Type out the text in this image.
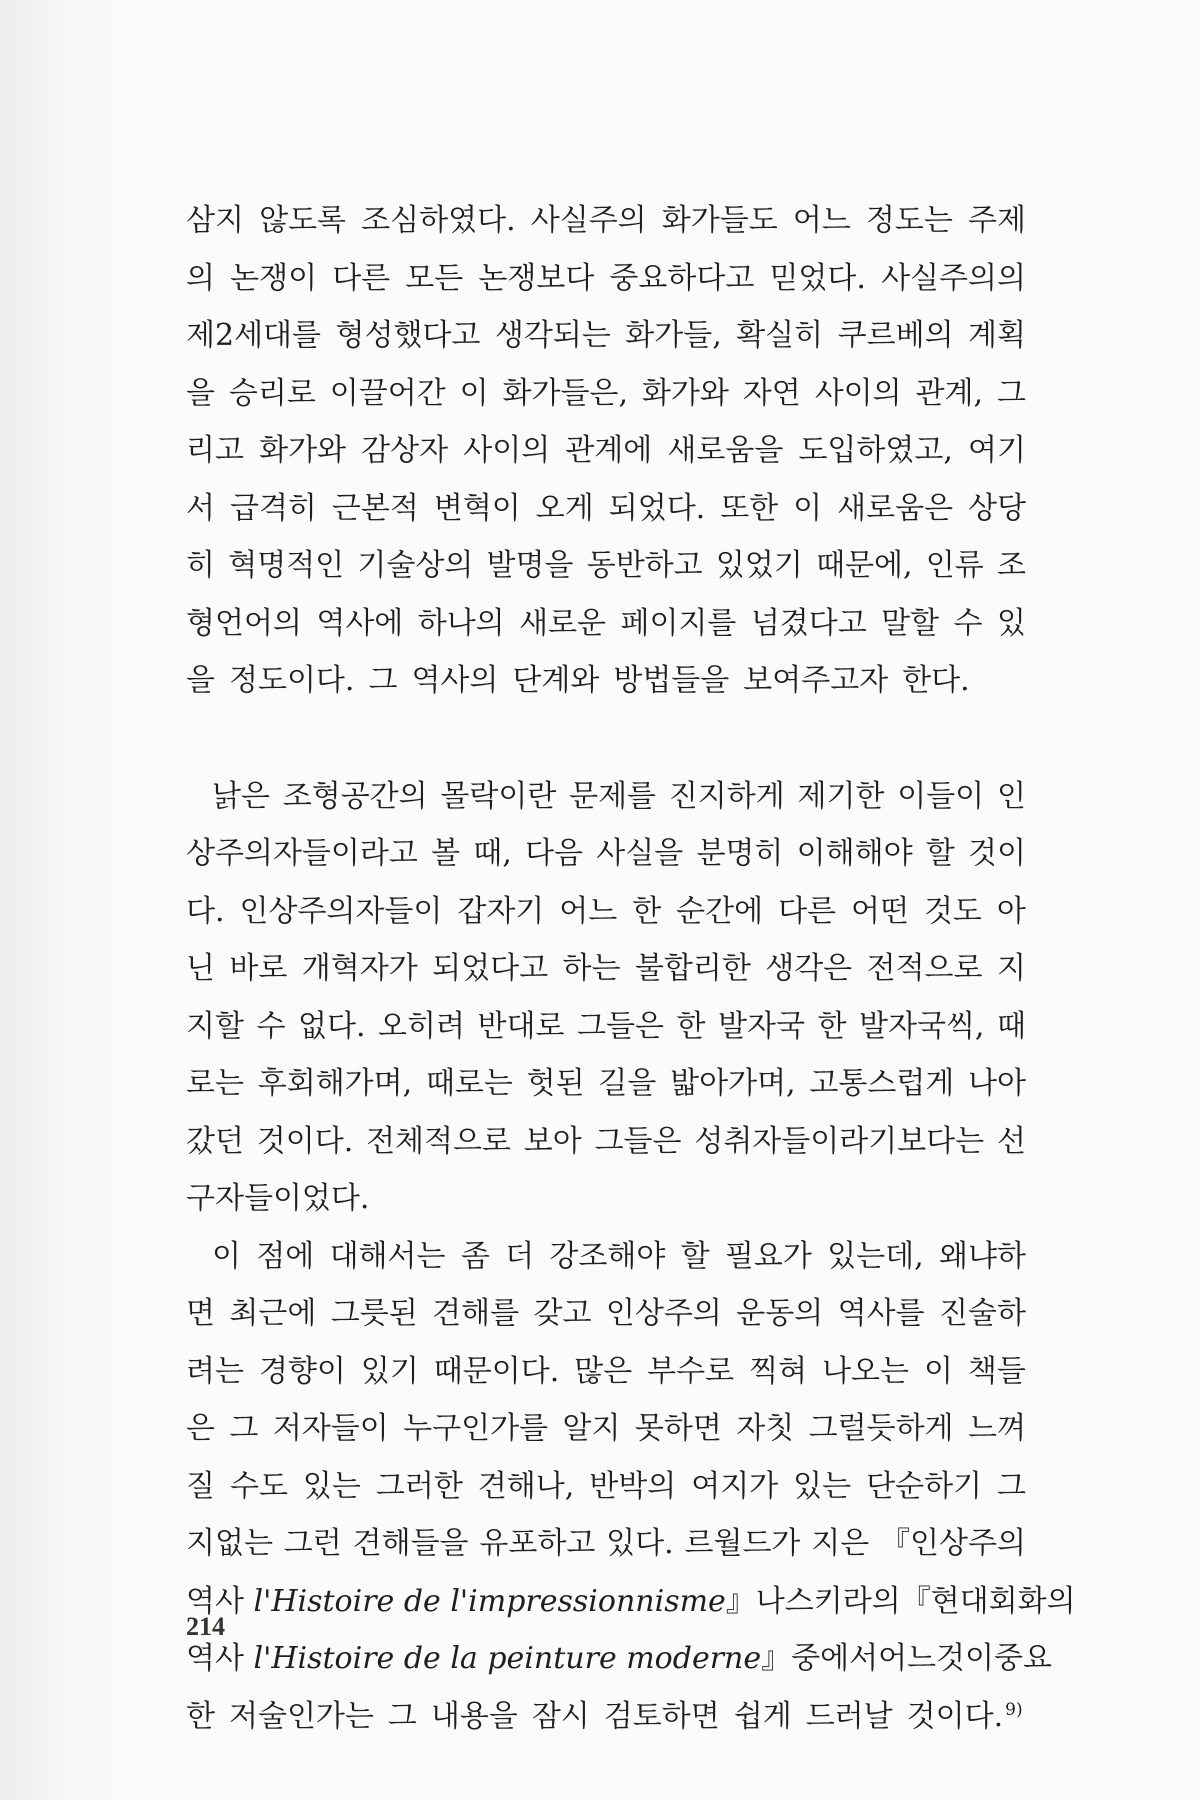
삼지 않도록 조심하였다. 사실주의 화가들도 어느 정도는 주제
의 논쟁이 다른 모든 논쟁보다 중요하다고 믿었다. 사실주의의
제2세대를 형성했다고 생각되는 화가들, 확실히 쿠르베의 계획
을 승리로 이끌어간 이 화가들은, 화가와 자연 사이의 관계, 그
리고 화가와 감상자 사이의 관계에 새로움을 도입하였고, 여기
서 급격히 근본적 변혁이 오게 되었다. 또한 이 새로움은 상당
히 혁명적인 기술상의 발명을 동반하고 있었기 때문에, 인류 조
형언어의 역사에 하나의 새로운 페이지를 넘겼다고 말할 수 있
을 정도이다. 그 역사의 단계와 방법들을 보여주고자 한다.
낡은 조형공간의 몰락이란 문제를 진지하게 제기한 이들이 인
상주의자들이라고 볼 때, 다음 사실을 분명히 이해해야 할 것이
다. 인상주의자들이 갑자기 어느 한 순간에 다른 어떤 것도 아
닌 바로 개혁자가 되었다고 하는 불합리한 생각은 전적으로 지
지할 수 없다. 오히려 반대로 그들은 한 발자국 한 발자국씩, 때
로는 후회해가며, 때로는 헛된 길을 밟아가며, 고통스럽게 나아
갔던 것이다. 전체적으로 보아 그들은 성취자들이라기보다는 선
구자들이었다.
이 점에 대해서는 좀 더 강조해야 할 필요가 있는데, 왜냐하
면 최근에 그릇된 견해를 갖고 인상주의 운동의 역사를 진술하
려는 경향이 있기 때문이다. 많은 부수로 찍혀 나오는 이 책들
은 그 저자들이 누구인가를 알지 못하면 자칫 그럴듯하게 느껴
질 수도 있는 그러한 견해나, 반박의 여지가 있는 단순하기 그
지없는 그런 견해들을 유포하고 있다. 르월드가 지은 『인상주의
역사 l'Histoire de l'impressionnisme』나 스키라의 『현대회화의
역사 l'Histoire de la peinture moderne』 중에서 어느 것이 중요
한 저술인가는 그 내용을 잠시 검토하면 쉽게 드러날 것이다. $^{9)}$
214
